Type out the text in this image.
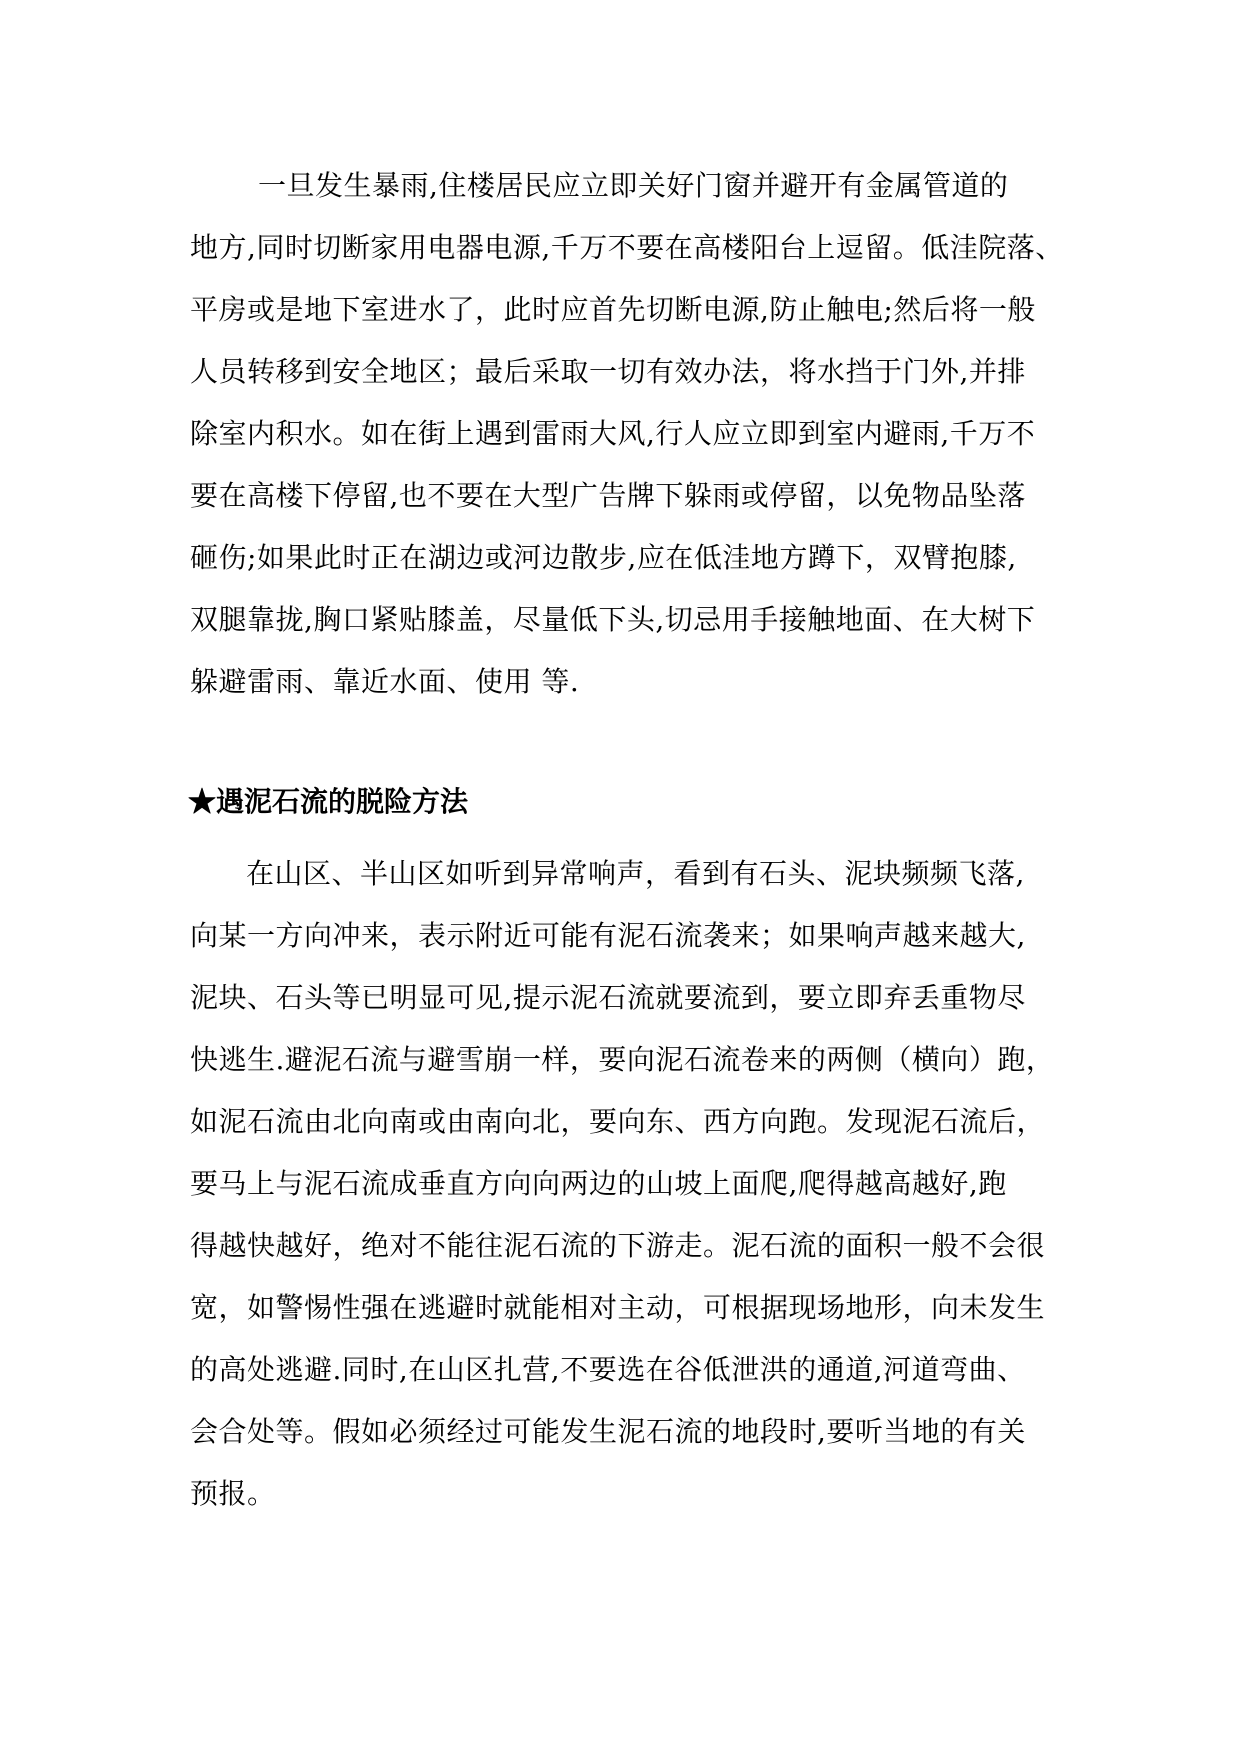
一旦发生暴雨,住楼居民应立即关好门窗并避开有金属管道的
地方,同时切断家用电器电源,千万不要在高楼阳台上逗留。低洼院落、
平房或是地下室进水了，此时应首先切断电源,防止触电;然后将一般
人员转移到安全地区；最后采取一切有效办法，将水挡于门外,并排
除室内积水。如在街上遇到雷雨大风,行人应立即到室内避雨,千万不
要在高楼下停留,也不要在大型广告牌下躲雨或停留，以免物品坠落
砸伤;如果此时正在湖边或河边散步,应在低洼地方蹲下，双臂抱膝,
双腿靠拢,胸口紧贴膝盖，尽量低下头,切忌用手接触地面、在大树下
躲避雷雨、靠近水面、使用 等.
★遇泥石流的脱险方法
在山区、半山区如听到异常响声，看到有石头、泥块频频飞落,
向某一方向冲来，表示附近可能有泥石流袭来；如果响声越来越大,
泥块、石头等已明显可见,提示泥石流就要流到，要立即弃丢重物尽
快逃生.避泥石流与避雪崩一样，要向泥石流卷来的两侧（横向）跑，
如泥石流由北向南或由南向北，要向东、西方向跑。发现泥石流后，
要马上与泥石流成垂直方向向两边的山坡上面爬,爬得越高越好,跑
得越快越好，绝对不能往泥石流的下游走。泥石流的面积一般不会很
宽，如警惕性强在逃避时就能相对主动，可根据现场地形，向未发生
的高处逃避.同时,在山区扎营,不要选在谷低泄洪的通道,河道弯曲、
会合处等。假如必须经过可能发生泥石流的地段时,要听当地的有关
预报。
